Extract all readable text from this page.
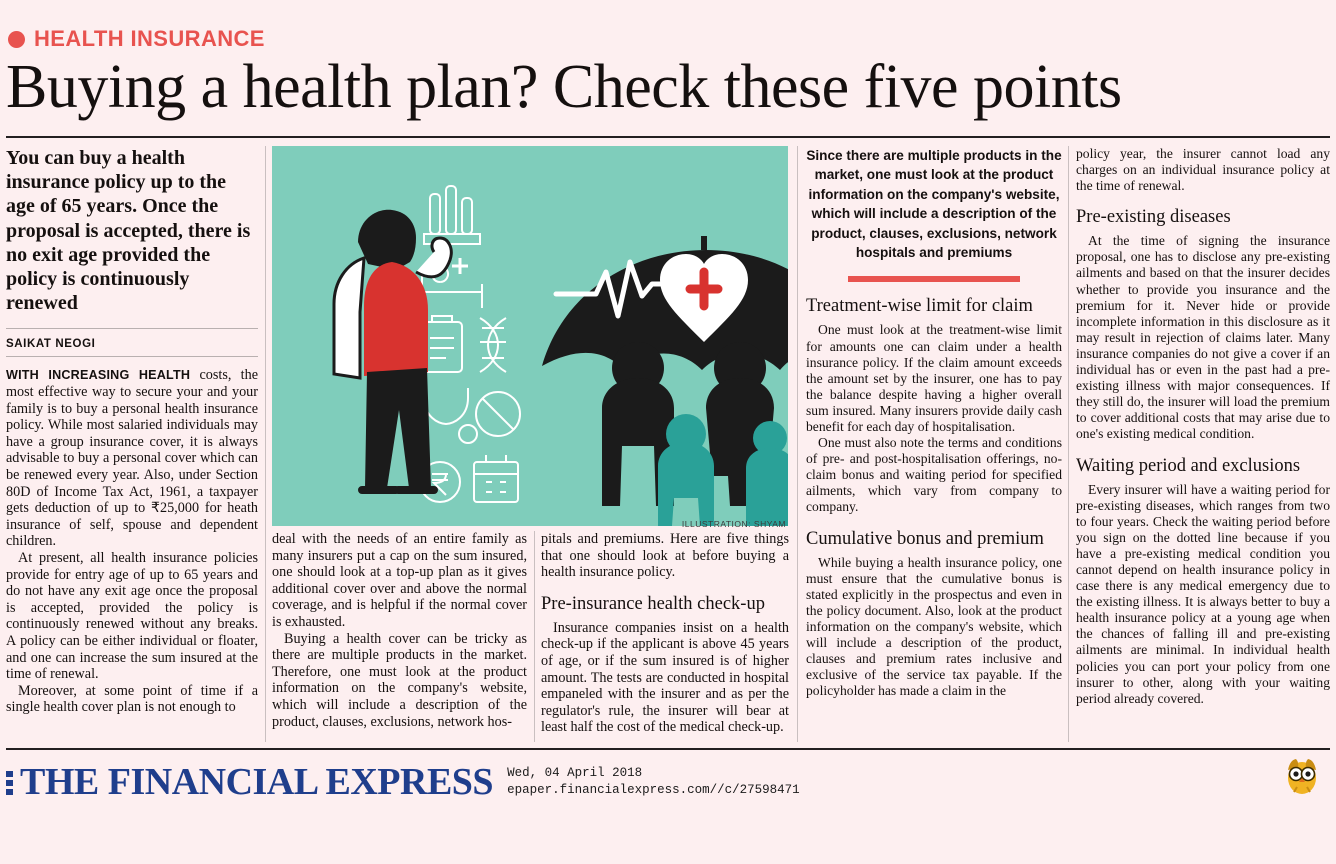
HEALTH INSURANCE
Buying a health plan? Check these five points
You can buy a health insurance policy up to the age of 65 years. Once the proposal is accepted, there is no exit age provided the policy is continuously renewed
SAIKAT NEOGI

WITH INCREASING HEALTH costs, the most effective way to secure your and your family is to buy a personal health insurance policy. While most salaried individuals may have a group insurance cover, it is always advisable to buy a personal cover which can be renewed every year. Also, under Section 80D of Income Tax Act, 1961, a taxpayer gets deduction of up to ₹25,000 for heath insurance of self, spouse and dependent children.

At present, all health insurance policies provide for entry age of up to 65 years and do not have any exit age once the proposal is accepted, provided the policy is continuously renewed without any breaks. A policy can be either individual or floater, and one can increase the sum insured at the time of renewal.

Moreover, at some point of time if a single health cover plan is not enough to

ILLUSTRATION: SHYAM

deal with the needs of an entire family as many insurers put a cap on the sum insured, one should look at a top-up plan as it gives additional cover over and above the normal coverage, and is helpful if the normal cover is exhausted.

Buying a health cover can be tricky as there are multiple products in the market. Therefore, one must look at the product information on the company's website, which will include a description of the product, clauses, exclusions, network hos-

pitals and premiums. Here are five things that one should look at before buying a health insurance policy.

Pre-insurance health check-up

Insurance companies insist on a health check-up if the applicant is above 45 years of age, or if the sum insured is of higher amount. The tests are conducted in hospital empaneled with the insurer and as per the regulator's rule, the insurer will bear at least half the cost of the medical check-up.

Since there are multiple products in the market, one must look at the product information on the company's website, which will include a description of the product, clauses, exclusions, network hospitals and premiums
Treatment-wise limit for claim

One must look at the treatment-wise limit for amounts one can claim under a health insurance policy. If the claim amount exceeds the amount set by the insurer, one has to pay the balance despite having a higher overall sum insured. Many insurers provide daily cash benefit for each day of hospitalisation.

One must also note the terms and conditions of pre- and post-hospitalisation offerings, no-claim bonus and waiting period for specified ailments, which vary from company to company.

Cumulative bonus and premium

While buying a health insurance policy, one must ensure that the cumulative bonus is stated explicitly in the prospectus and even in the policy document. Also, look at the product information on the company's website, which will include a description of the product, clauses and premium rates inclusive and exclusive of the service tax payable. If the policyholder has made a claim in the

policy year, the insurer cannot load any charges on an individual insurance policy at the time of renewal.

Pre-existing diseases

At the time of signing the insurance proposal, one has to disclose any pre-existing ailments and based on that the insurer decides whether to provide you insurance and the premium for it. Never hide or provide incomplete information in this disclosure as it may result in rejection of claims later. Many insurance companies do not give a cover if an individual has or even in the past had a pre-existing illness with major consequences. If they still do, the insurer will load the premium to cover additional costs that may arise due to one's existing medical condition.

Waiting period and exclusions

Every insurer will have a waiting period for pre-existing diseases, which ranges from two to four years. Check the waiting period before you sign on the dotted line because if you have a pre-existing medical condition you cannot depend on health insurance policy in case there is any medical emergency due to the existing illness. It is always better to buy a health insurance policy at a young age when the chances of falling ill and pre-existing ailments are minimal. In individual health policies you can port your policy from one insurer to other, along with your waiting period already covered.

THE FINANCIAL EXPRESS Wed, 04 April 2018
epaper.financialexpress.com//c/27598471
